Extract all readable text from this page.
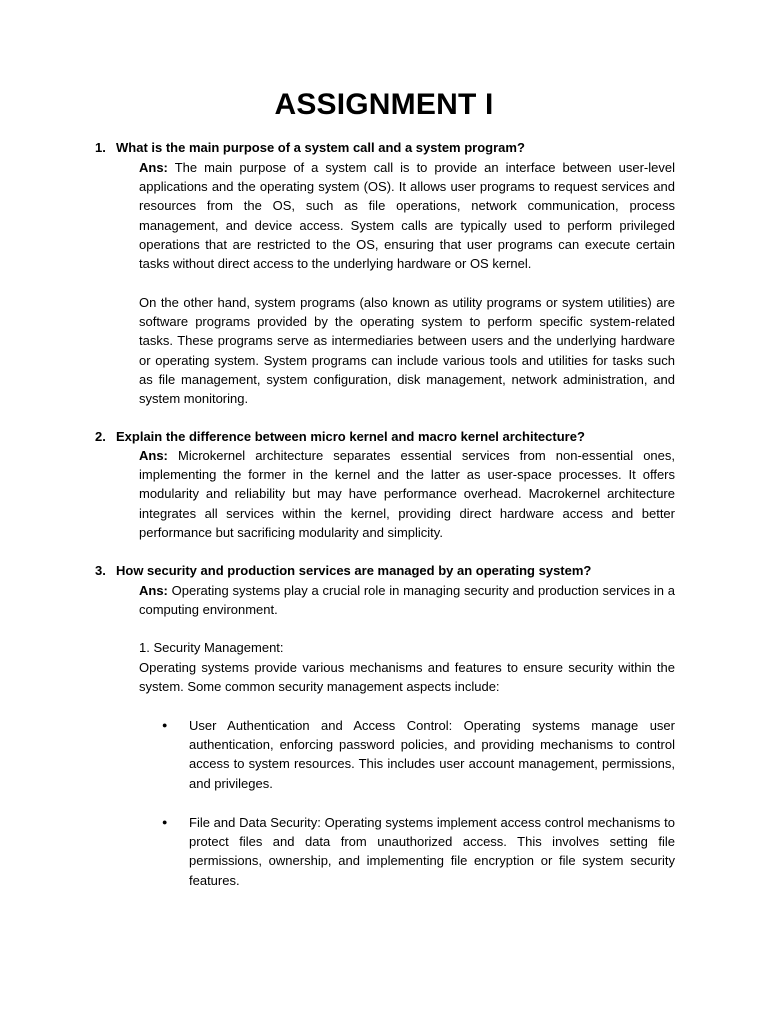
ASSIGNMENT I
1. What is the main purpose of a system call and a system program?
Ans: The main purpose of a system call is to provide an interface between user-level applications and the operating system (OS). It allows user programs to request services and resources from the OS, such as file operations, network communication, process management, and device access. System calls are typically used to perform privileged operations that are restricted to the OS, ensuring that user programs can execute certain tasks without direct access to the underlying hardware or OS kernel.
On the other hand, system programs (also known as utility programs or system utilities) are software programs provided by the operating system to perform specific system-related tasks. These programs serve as intermediaries between users and the underlying hardware or operating system. System programs can include various tools and utilities for tasks such as file management, system configuration, disk management, network administration, and system monitoring.
2. Explain the difference between micro kernel and macro kernel architecture?
Ans: Microkernel architecture separates essential services from non-essential ones, implementing the former in the kernel and the latter as user-space processes. It offers modularity and reliability but may have performance overhead. Macrokernel architecture integrates all services within the kernel, providing direct hardware access and better performance but sacrificing modularity and simplicity.
3. How security and production services are managed by an operating system?
Ans: Operating systems play a crucial role in managing security and production services in a computing environment.
1. Security Management:
Operating systems provide various mechanisms and features to ensure security within the system. Some common security management aspects include:
●	User Authentication and Access Control: Operating systems manage user authentication, enforcing password policies, and providing mechanisms to control access to system resources. This includes user account management, permissions, and privileges.
●	File and Data Security: Operating systems implement access control mechanisms to protect files and data from unauthorized access. This involves setting file permissions, ownership, and implementing file encryption or file system security features.
